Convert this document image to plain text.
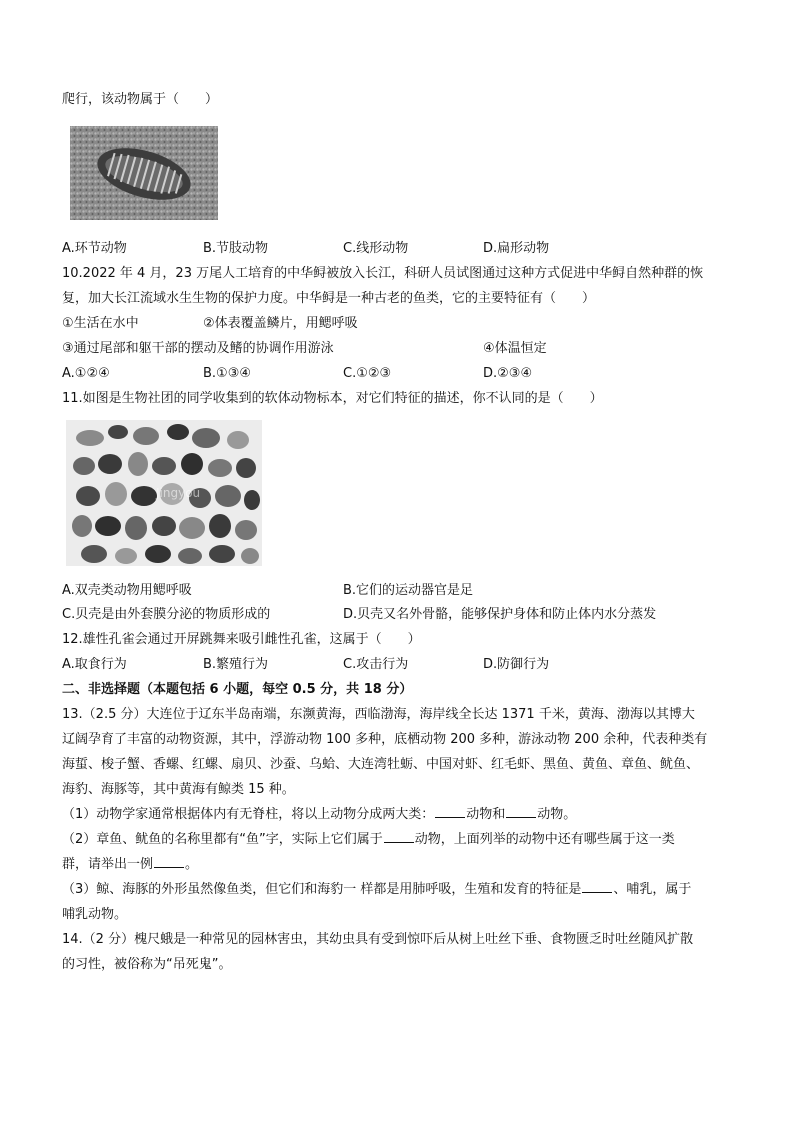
爬行，该动物属于（　　）
A.环节动物	B.节肢动物	C.线形动物	D.扁形动物
10.2022 年 4 月，23 万尾人工培育的中华鲟被放入长江，科研人员试图通过这种方式促进中华鲟自然种群的恢
复，加大长江流域水生生物的保护力度。中华鲟是一种古老的鱼类，它的主要特征有（　　）
①生活在水中	②体表覆盖鳞片，用鳃呼吸
③通过尾部和躯干部的摆动及鳍的协调作用游泳	④体温恒定
A.①②④	B.①③④	C.①②③	D.②③④
11.如图是生物社团的同学收集到的软体动物标本，对它们特征的描述，你不认同的是（　　）
Jingyou
A.双壳类动物用鳃呼吸	B.它们的运动器官是足
C.贝壳是由外套膜分泌的物质形成的	D.贝壳又名外骨骼，能够保护身体和防止体内水分蒸发
12.雄性孔雀会通过开屏跳舞来吸引雌性孔雀，这属于（　　）
A.取食行为	B.繁殖行为	C.攻击行为	D.防御行为
二、非选择题（本题包括 6 小题，每空 0.5 分，共 18 分）
13.（2.5 分）大连位于辽东半岛南端，东濒黄海，西临渤海，海岸线全长达 1371 千米，黄海、渤海以其博大
辽阔孕育了丰富的动物资源，其中，浮游动物 100 多种，底栖动物 200 多种，游泳动物 200 余种，代表种类有
海蜇、梭子蟹、香螺、红螺、扇贝、沙蚕、乌蛤、大连湾牡蛎、中国对虾、红毛虾、黑鱼、黄鱼、章鱼、鱿鱼、
海豹、海豚等，其中黄海有鲸类 15 种。
（1）动物学家通常根据体内有无脊柱，将以上动物分成两大类： 动物和 动物。
（2）章鱼、鱿鱼的名称里都有“鱼”字，实际上它们属于 动物，上面列举的动物中还有哪些属于这一类
群，请举出一例 。
（3）鲸、海豚的外形虽然像鱼类，但它们和海豹一 样都是用肺呼吸，生殖和发育的特征是 、哺乳，属于
哺乳动物。
14.（2 分）槐尺蛾是一种常见的园林害虫，其幼虫具有受到惊吓后从树上吐丝下垂、食物匮乏时吐丝随风扩散
的习性，被俗称为“吊死鬼”。
